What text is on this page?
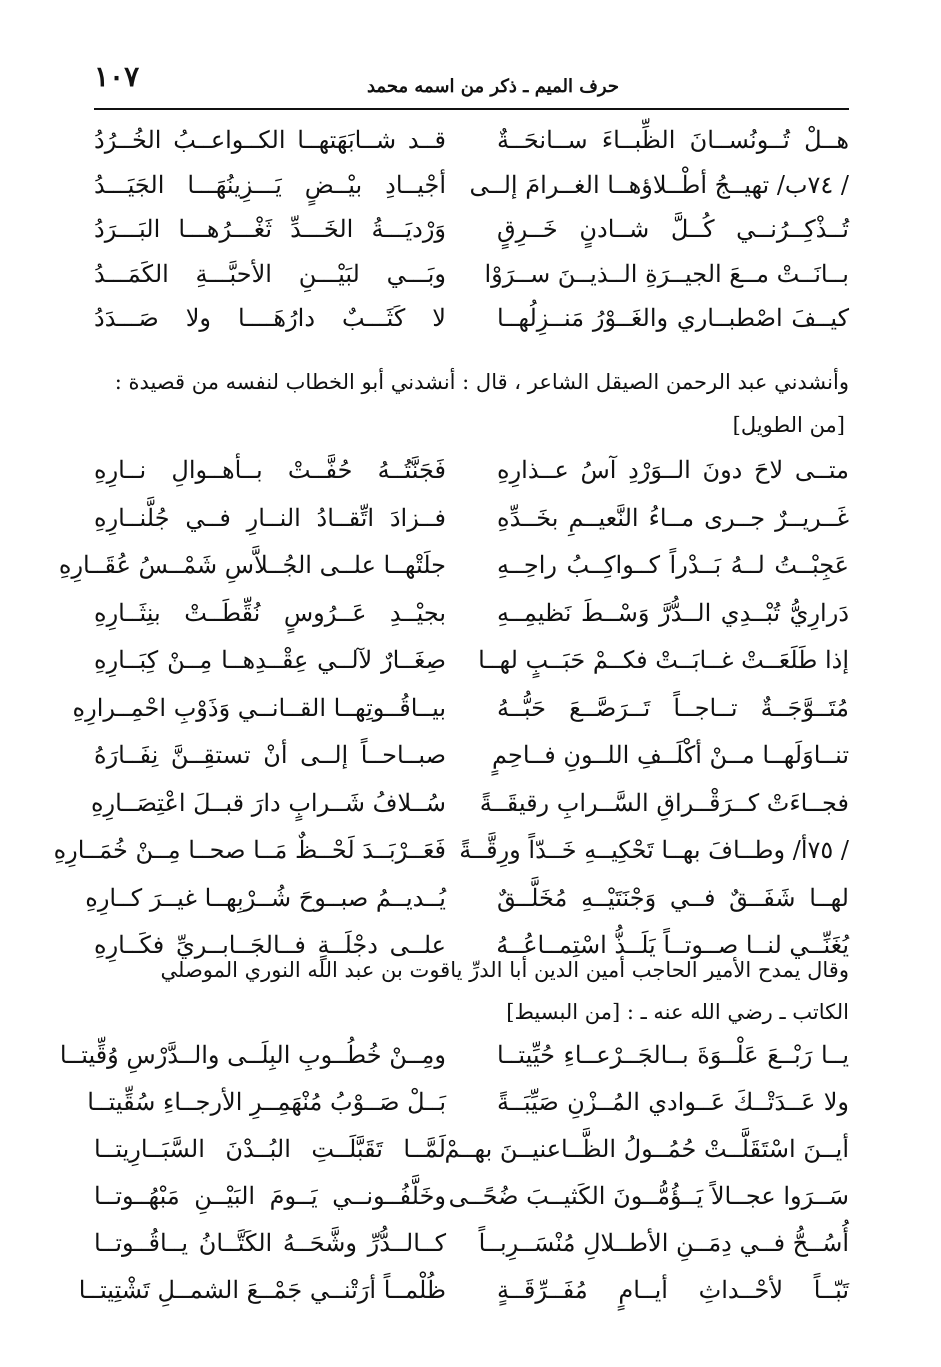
١٠٧	حرف الميم ـ ذكر من اسمه محمد
هــلْ تُــونُســانَ الظِّبــاءَ ســانحَــةٌ
قــد شــابَهَتهــا الكــواعــبُ الخُــرُدُ
/ ٧٤ب/ تهيــجُ أطْــلاؤهــا الغــرامَ إلــى
أجْيــادِ بيْــضٍ يَـــزِينُهَـــا الجَيَـــدُ
تُــذْكِــرُنــي كُــلَّ شــادنٍ خَــرِقٍ
وَرْديَـــةُ الخَـــدِّ ثَغْـــرُهـــا البَـــرَدُ
بــانَــتْ مــعَ الجيــرَةِ الــذيــنَ ســرَوْا
وبَـــي لبَيْـــنِ الأحبَّـــةِ الكَمَـــدُ
كيــفَ اصْطبــاري والغَــوْرُ مَنــزِلُهــا
لا كَثَـــبٌ دارُهَــــا ولا صَـــدَدُ
وأنشدني عبد الرحمن الصيقل الشاعر ، قال : أنشدني أبو الخطاب لنفسه من قصيدة :
[من الطويل]
متــى لاحَ دونَ الــوَرْدِ آسُ عــذارِهِ
فَجَنَّتُــهُ حُفَّــتْ بــأهــوالِ نــارِهِ
غَــريــرٌ جــرى مــاءُ النَّعيــمِ بخَــدِّهِ
فــزادَ اتِّقــادُ النــارِ فــي جُلَّنــارِهِ
عَجِبْــتُ لــهُ بَــدْراً كــواكِــبُ راحِــهِ
جلَتْهــا علــى الجُــلاَّسِ شَمْــسُ عُقَــارِهِ
دَرارِيُّ تُبْــدِي الــدُّرَّ وَسْــطَ نَظيمِــهِ
بجيْــدِ عَــرُوسٍ نُقِّطَــتْ بنِثَــارِهِ
إذا طَلَعَــتْ غــابَــتْ فكــمْ حَبَــبٍ لهــا
صِغَــارٌ لآلــي عِقْــدِهــا مِــنْ كِبَــارِهِ
مُتَــوَّجَــةٌ تــاجــاً تَــرَصَّــعَ حَبُّــهُ
بيــاقُــوتِهــا القــانــي وَذَوْبِ احْمِــرارِهِ
تنــاوَلَهــا مــنْ أكْلَــفِ اللــونِ فــاحِمٍ
صبــاحــاً إلــى أنْ تستقِــنَّ نِفَــارَهُ
فجــاءَتْ كــرَقْــراقِ السَّــرابِ رقيقَــةً
سُــلافُ شَــرابٍ دارَ قبــلَ اعْتِصَــارِهِ
/ ٧٥أ/ وطــافَ بهــا تَحْكِيــهِ خَــدّاً ورِقَّــةً
فَعَــرْبَــدَ لَحْــظٌ مَــا صحــا مِــنْ خُمَــارِهِ
لهــا شَفَــقٌ فــي وَجْنَتَيْــهِ مُخَلَّــقٌ
يُــديــمُ صبــوحَ شُــرْبِهــا غيــرَ كــارِهِ
يُغَنِّــي لنــا صــوتــاً يَلَــذُّ اسْتِمــاعُــهُ
علــى دجْلَــةٍ فــالجَــابــريِّ فكَــارِهِ
وقال يمدح الأمير الحاجب أمين الدين أبا الدرِّ ياقوت بن عبد الله النوري الموصلي
الكاتب ـ رضي الله عنه ـ : [من البسيط]
يــا رَبْــعَ عَلْــوَةَ بــالجَــرْعــاءِ حُيِّيتــا
ومِــنْ خُطُــوبِ البِلَــى والــدَّرْسِ وُقِّيتــا
ولا عَــدَتْــكَ عَــوادي المُــزْنِ صَيِّبَــةً
بَــلْ صَــوْبُ مُنْهَمِــرِ الأرجــاءِ سُقِّيتــا
أيــنَ اسْتَقَلَّــتْ حُمُــولُ الظَّــاعنيــنَ بهــمْ
لَمَّــا تَقَبَّلَــتِ البُــدْنَ السَّبَــارِيتــا
سَــرَوا عجــالاً يَــؤُمُّــونَ الكَثيــبَ ضُحًــى
وخَلَّفُــونــي يَــومَ البَيْــنِ مَبْهُــوتــا
أُسُــحُّ فــي دِمَــنِ الأطــلالِ مُنْسَــرِبــاً
كــالــدُّرِّ وشَّحَــهُ الكَتَّــانُ يــاقُــوتــا
تَبّــاً لأحْــداثِ أيــامٍ مُفَــرِّقَــةٍ
ظُلْمــاً أرَتْنــي جَمْــعَ الشمــلِ تَشْتِيتــا
